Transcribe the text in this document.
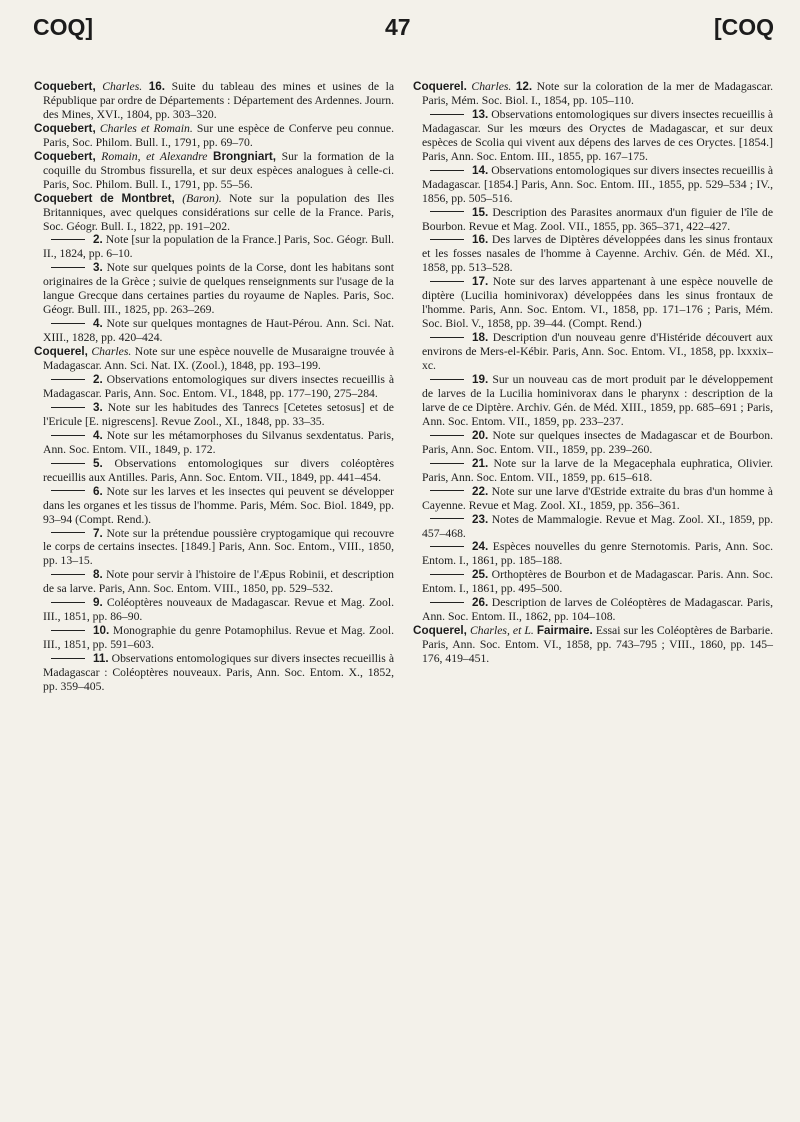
COQ]	47	[COQ
Coquebert, Charles. 16. Suite du tableau des mines et usines de la République par ordre de Départements : Département des Ardennes. Journ. des Mines, XVI., 1804, pp. 303–320.
Coquebert, Charles et Romain. Sur une espèce de Conferve peu connue. Paris, Soc. Philom. Bull. I., 1791, pp. 69–70.
Coquebert, Romain, et Alexandre Brongniart, Sur la formation de la coquille du Strombus fissurella, et sur deux espèces analogues à celle-ci. Paris, Soc. Philom. Bull. I., 1791, pp. 55–56.
Coquebert de Montbret, (Baron). Note sur la population des Iles Britanniques, avec quelques considérations sur celle de la France. Paris, Soc. Géogr. Bull. I., 1822, pp. 191–202.
2. Note [sur la population de la France.] Paris, Soc. Géogr. Bull. II., 1824, pp. 6–10.
3. Note sur quelques points de la Corse, dont les habitans sont originaires de la Grèce ; suivie de quelques renseignments sur l'usage de la langue Grecque dans certaines parties du royaume de Naples. Paris, Soc. Géogr. Bull. III., 1825, pp. 263–269.
4. Note sur quelques montagnes de Haut-Pérou. Ann. Sci. Nat. XIII., 1828, pp. 420–424.
Coquerel, Charles. Note sur une espèce nouvelle de Musaraigne trouvée à Madagascar. Ann. Sci. Nat. IX. (Zool.), 1848, pp. 193–199.
2. Observations entomologiques sur divers insectes recueillis à Madagascar. Paris, Ann. Soc. Entom. VI., 1848, pp. 177–190, 275–284.
3. Note sur les habitudes des Tanrecs [Cetetes setosus] et de l'Ericule [E. nigrescens]. Revue Zool., XI., 1848, pp. 33–35.
4. Note sur les métamorphoses du Silvanus sexdentatus. Paris, Ann. Soc. Entom. VII., 1849, p. 172.
5. Observations entomologiques sur divers coléoptères recueillis aux Antilles. Paris, Ann. Soc. Entom. VII., 1849, pp. 441–454.
6. Note sur les larves et les insectes qui peuvent se développer dans les organes et les tissus de l'homme. Paris, Mém. Soc. Biol. 1849, pp. 93–94 (Compt. Rend.).
7. Note sur la prétendue poussière cryptogamique qui recouvre le corps de certains insectes. [1849.] Paris, Ann. Soc. Entom., VIII., 1850, pp. 13–15.
8. Note pour servir à l'histoire de l'Æpus Robinii, et description de sa larve. Paris, Ann. Soc. Entom. VIII., 1850, pp. 529–532.
9. Coléoptères nouveaux de Madagascar. Revue et Mag. Zool. III., 1851, pp. 86–90.
10. Monographie du genre Potamophilus. Revue et Mag. Zool. III., 1851, pp. 591–603.
11. Observations entomologiques sur divers insectes recueillis à Madagascar : Coléoptères nouveaux. Paris, Ann. Soc. Entom. X., 1852, pp. 359–405.
Coquerel. Charles. 12. Note sur la coloration de la mer de Madagascar. Paris, Mém. Soc. Biol. I., 1854, pp. 105–110.
13. Observations entomologiques sur divers insectes recueillis à Madagascar. Sur les mœurs des Oryctes de Madagascar, et sur deux espèces de Scolia qui vivent aux dépens des larves de ces Oryctes. [1854.] Paris, Ann. Soc. Entom. III., 1855, pp. 167–175.
14. Observations entomologiques sur divers insectes recueillis à Madagascar. [1854.] Paris, Ann. Soc. Entom. III., 1855, pp. 529–534 ; IV., 1856, pp. 505–516.
15. Description des Parasites anormaux d'un figuier de l'île de Bourbon. Revue et Mag. Zool. VII., 1855, pp. 365–371, 422–427.
16. Des larves de Diptères développées dans les sinus frontaux et les fosses nasales de l'homme à Cayenne. Archiv. Gén. de Méd. XI., 1858, pp. 513–528.
17. Note sur des larves appartenant à une espèce nouvelle de diptère (Lucilia hominivorax) développées dans les sinus frontaux de l'homme. Paris, Ann. Soc. Entom. VI., 1858, pp. 171–176 ; Paris, Mém. Soc. Biol. V., 1858, pp. 39–44. (Compt. Rend.)
18. Description d'un nouveau genre d'Histéride découvert aux environs de Mers-el-Kébir. Paris, Ann. Soc. Entom. VI., 1858, pp. lxxxix–xc.
19. Sur un nouveau cas de mort produit par le développement de larves de la Lucilia hominivorax dans le pharynx : description de la larve de ce Diptère. Archiv. Gén. de Méd. XIII., 1859, pp. 685–691 ; Paris, Ann. Soc. Entom. VII., 1859, pp. 233–237.
20. Note sur quelques insectes de Madagascar et de Bourbon. Paris, Ann. Soc. Entom. VII., 1859, pp. 239–260.
21. Note sur la larve de la Megacephala euphratica, Olivier. Paris, Ann. Soc. Entom. VII., 1859, pp. 615–618.
22. Note sur une larve d'Œstride extraite du bras d'un homme à Cayenne. Revue et Mag. Zool. XI., 1859, pp. 356–361.
23. Notes de Mammalogie. Revue et Mag. Zool. XI., 1859, pp. 457–468.
24. Espèces nouvelles du genre Sternotomis. Paris, Ann. Soc. Entom. I., 1861, pp. 185–188.
25. Orthoptères de Bourbon et de Madagascar. Paris. Ann. Soc. Entom. I., 1861, pp. 495–500.
26. Description de larves de Coléoptères de Madagascar. Paris, Ann. Soc. Entom. II., 1862, pp. 104–108.
Coquerel, Charles, et L. Fairmaire. Essai sur les Coléoptères de Barbarie. Paris, Ann. Soc. Entom. VI., 1858, pp. 743–795 ; VIII., 1860, pp. 145–176, 419–451.
